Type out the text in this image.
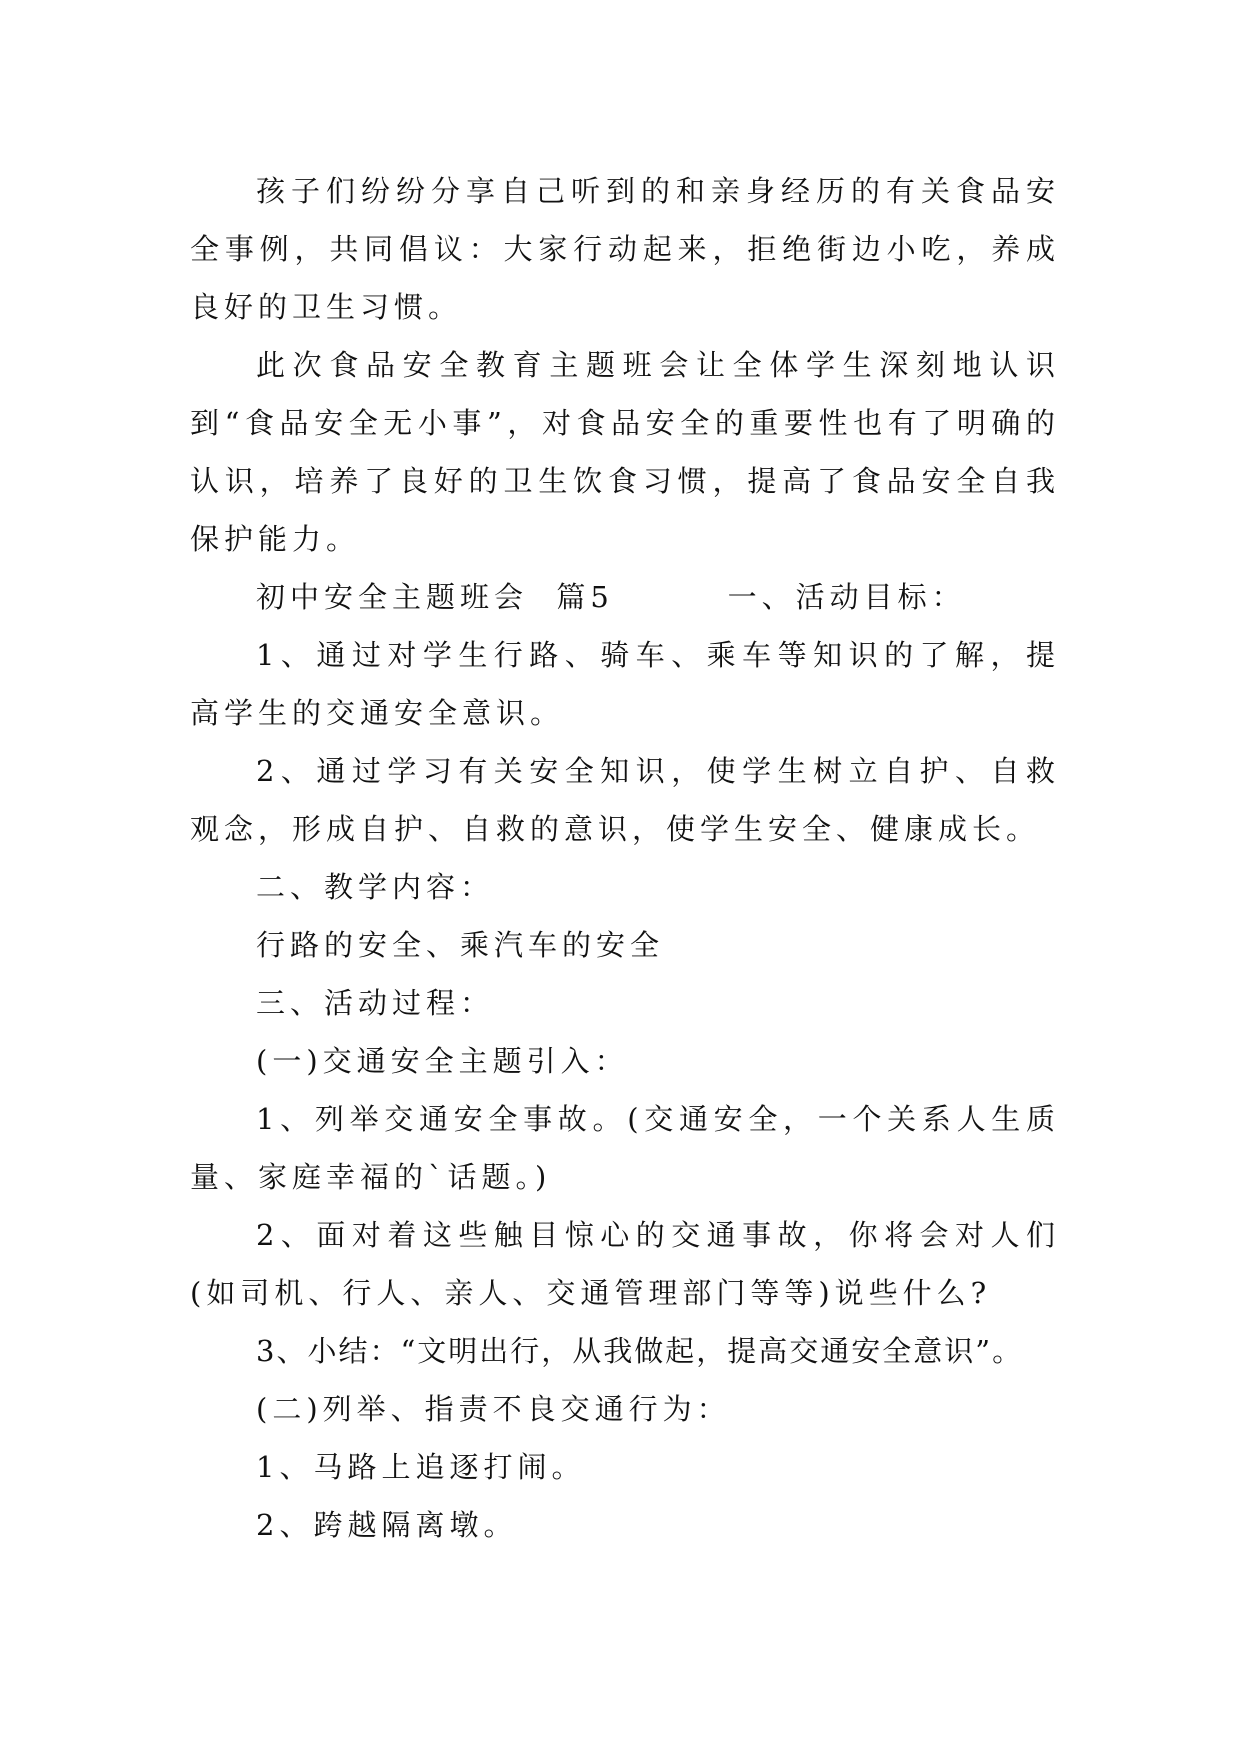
孩子们纷纷分享自己听到的和亲身经历的有关食品安全事例，共同倡议：大家行动起来，拒绝街边小吃，养成良好的卫生习惯。

此次食品安全教育主题班会让全体学生深刻地认识到“食品安全无小事”，对食品安全的重要性也有了明确的认识，培养了良好的卫生饮食习惯，提高了食品安全自我保护能力。

初中安全主题班会  篇5        一、活动目标：

1、通过对学生行路、骑车、乘车等知识的了解，提高学生的交通安全意识。

2、通过学习有关安全知识，使学生树立自护、自救观念，形成自护、自救的意识，使学生安全、健康成长。

二、教学内容：

行路的安全、乘汽车的安全

三、活动过程：

(一)交通安全主题引入：

1、列举交通安全事故。(交通安全，一个关系人生质量、家庭幸福的`话题。)

2、面对着这些触目惊心的交通事故，你将会对人们(如司机、行人、亲人、交通管理部门等等)说些什么?

3、小结：“文明出行，从我做起，提高交通安全意识”。

(二)列举、指责不良交通行为：

1、马路上追逐打闹。

2、跨越隔离墩。
